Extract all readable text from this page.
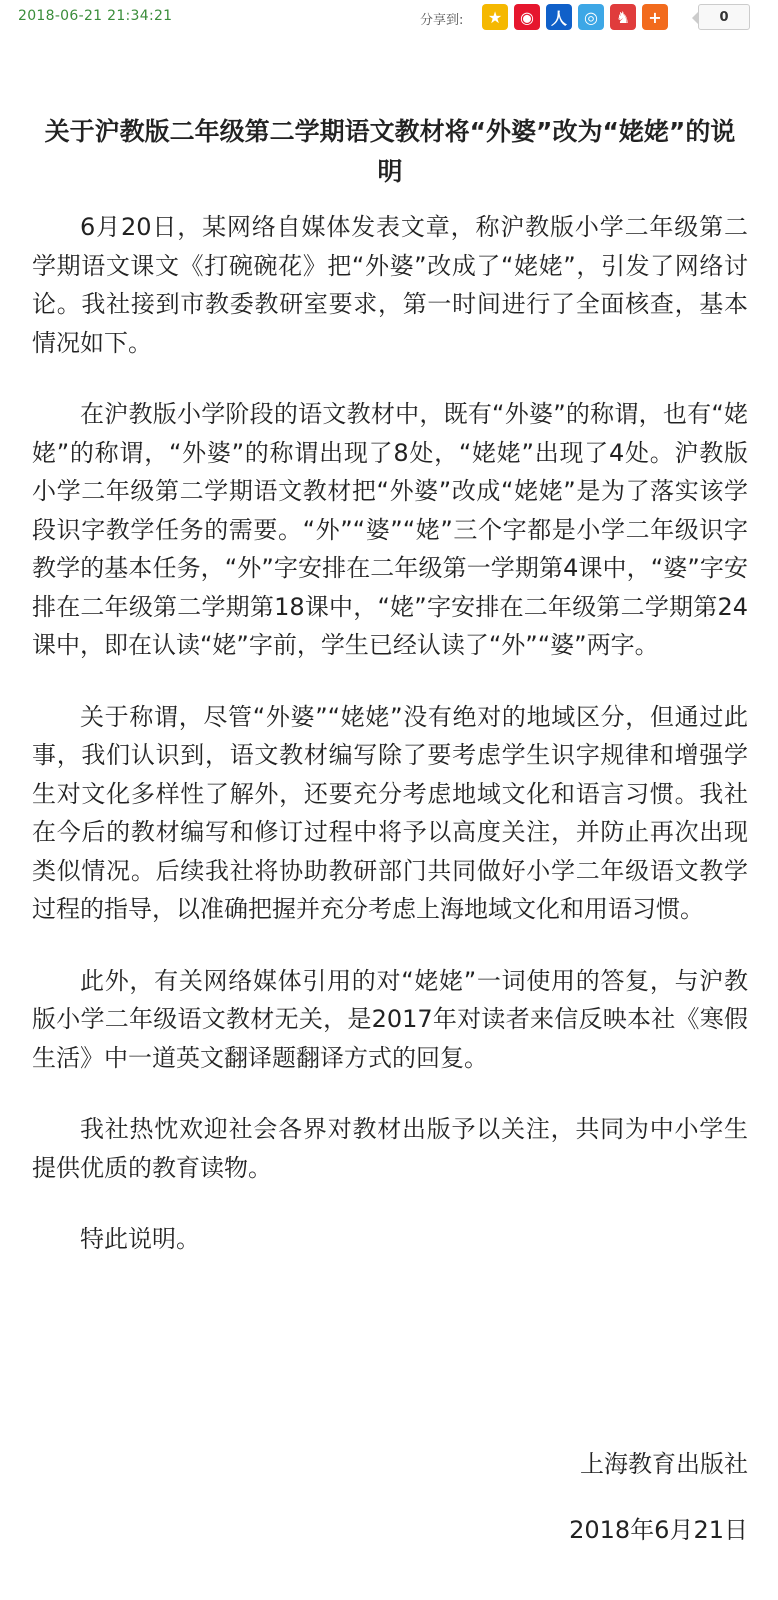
2018-06-21 21:34:21	分享到:	★	◉	人	◎	♞	+	0
关于沪教版二年级第二学期语文教材将“外婆”改为“姥姥”的说明

6月20日，某网络自媒体发表文章，称沪教版小学二年级第二学期语文课文《打碗碗花》把“外婆”改成了“姥姥”，引发了网络讨论。我社接到市教委教研室要求，第一时间进行了全面核查，基本情况如下。

在沪教版小学阶段的语文教材中，既有“外婆”的称谓，也有“姥姥”的称谓，“外婆”的称谓出现了8处，“姥姥”出现了4处。沪教版小学二年级第二学期语文教材把“外婆”改成“姥姥”是为了落实该学段识字教学任务的需要。“外”“婆”“姥”三个字都是小学二年级识字教学的基本任务，“外”字安排在二年级第一学期第4课中，“婆”字安排在二年级第二学期第18课中，“姥”字安排在二年级第二学期第24课中，即在认读“姥”字前，学生已经认读了“外”“婆”两字。

关于称谓，尽管“外婆”“姥姥”没有绝对的地域区分，但通过此事，我们认识到，语文教材编写除了要考虑学生识字规律和增强学生对文化多样性了解外，还要充分考虑地域文化和语言习惯。我社在今后的教材编写和修订过程中将予以高度关注，并防止再次出现类似情况。后续我社将协助教研部门共同做好小学二年级语文教学过程的指导，以准确把握并充分考虑上海地域文化和用语习惯。

此外，有关网络媒体引用的对“姥姥”一词使用的答复，与沪教版小学二年级语文教材无关，是2017年对读者来信反映本社《寒假生活》中一道英文翻译题翻译方式的回复。

我社热忱欢迎社会各界对教材出版予以关注，共同为中小学生提供优质的教育读物。

特此说明。

上海教育出版社
2018年6月21日
